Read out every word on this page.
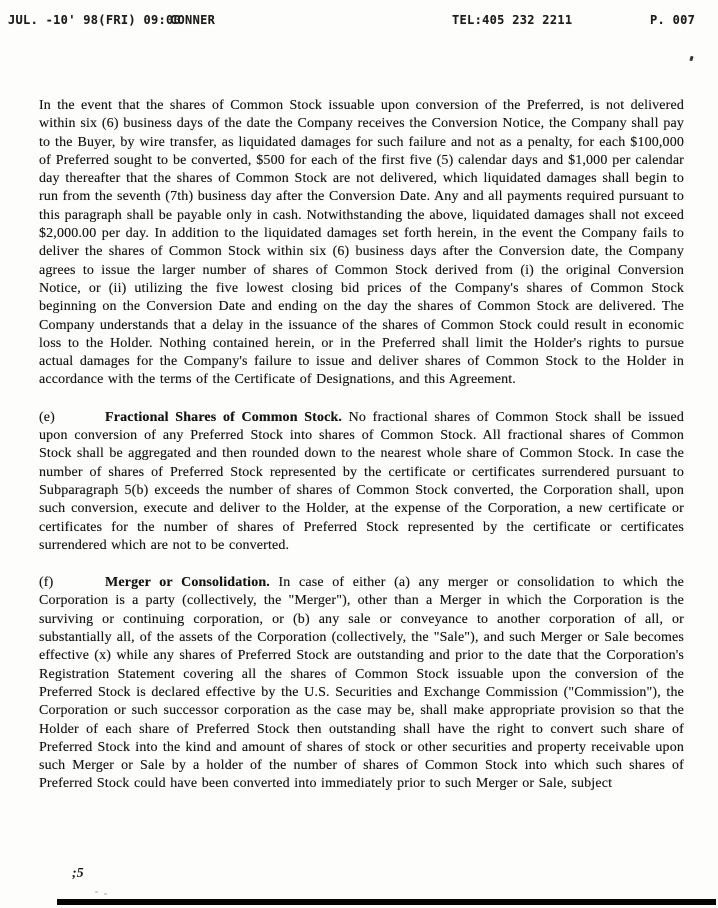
JUL. -10' 98(FRI) 09:00
CONNER	TEL:405 232 2211	P. 007

In the event that the shares of Common Stock issuable upon conversion of the Preferred, is not delivered within six (6) business days of the date the Company receives the Conversion Notice, the Company shall pay to the Buyer, by wire transfer, as liquidated damages for such failure and not as a penalty, for each $100,000 of Preferred sought to be converted, $500 for each of the first five (5) calendar days and $1,000 per calendar day thereafter that the shares of Common Stock are not delivered, which liquidated damages shall begin to run from the seventh (7th) business day after the Conversion Date. Any and all payments required pursuant to this paragraph shall be payable only in cash. Notwithstanding the above, liquidated damages shall not exceed $2,000.00 per day. In addition to the liquidated damages set forth herein, in the event the Company fails to deliver the shares of Common Stock within six (6) business days after the Conversion date, the Company agrees to issue the larger number of shares of Common Stock derived from (i) the original Conversion Notice, or (ii) utilizing the five lowest closing bid prices of the Company's shares of Common Stock beginning on the Conversion Date and ending on the day the shares of Common Stock are delivered. The Company understands that a delay in the issuance of the shares of Common Stock could result in economic loss to the Holder. Nothing contained herein, or in the Preferred shall limit the Holder's rights to pursue actual damages for the Company's failure to issue and deliver shares of Common Stock to the Holder in accordance with the terms of the Certificate of Designations, and this Agreement.

(e)	Fractional Shares of Common Stock. No fractional shares of Common Stock shall be issued upon conversion of any Preferred Stock into shares of Common Stock. All fractional shares of Common Stock shall be aggregated and then rounded down to the nearest whole share of Common Stock. In case the number of shares of Preferred Stock represented by the certificate or certificates surrendered pursuant to Subparagraph 5(b) exceeds the number of shares of Common Stock converted, the Corporation shall, upon such conversion, execute and deliver to the Holder, at the expense of the Corporation, a new certificate or certificates for the number of shares of Preferred Stock represented by the certificate or certificates surrendered which are not to be converted.

(f)	Merger or Consolidation. In case of either (a) any merger or consolidation to which the Corporation is a party (collectively, the "Merger"), other than a Merger in which the Corporation is the surviving or continuing corporation, or (b) any sale or conveyance to another corporation of all, or substantially all, of the assets of the Corporation (collectively, the "Sale"), and such Merger or Sale becomes effective (x) while any shares of Preferred Stock are outstanding and prior to the date that the Corporation's Registration Statement covering all the shares of Common Stock issuable upon the conversion of the Preferred Stock is declared effective by the U.S. Securities and Exchange Commission ("Commission"), the Corporation or such successor corporation as the case may be, shall make appropriate provision so that the Holder of each share of Preferred Stock then outstanding shall have the right to convert such share of Preferred Stock into the kind and amount of shares of stock or other securities and property receivable upon such Merger or Sale by a holder of the number of shares of Common Stock into which such shares of Preferred Stock could have been converted into immediately prior to such Merger or Sale, subject

;5
